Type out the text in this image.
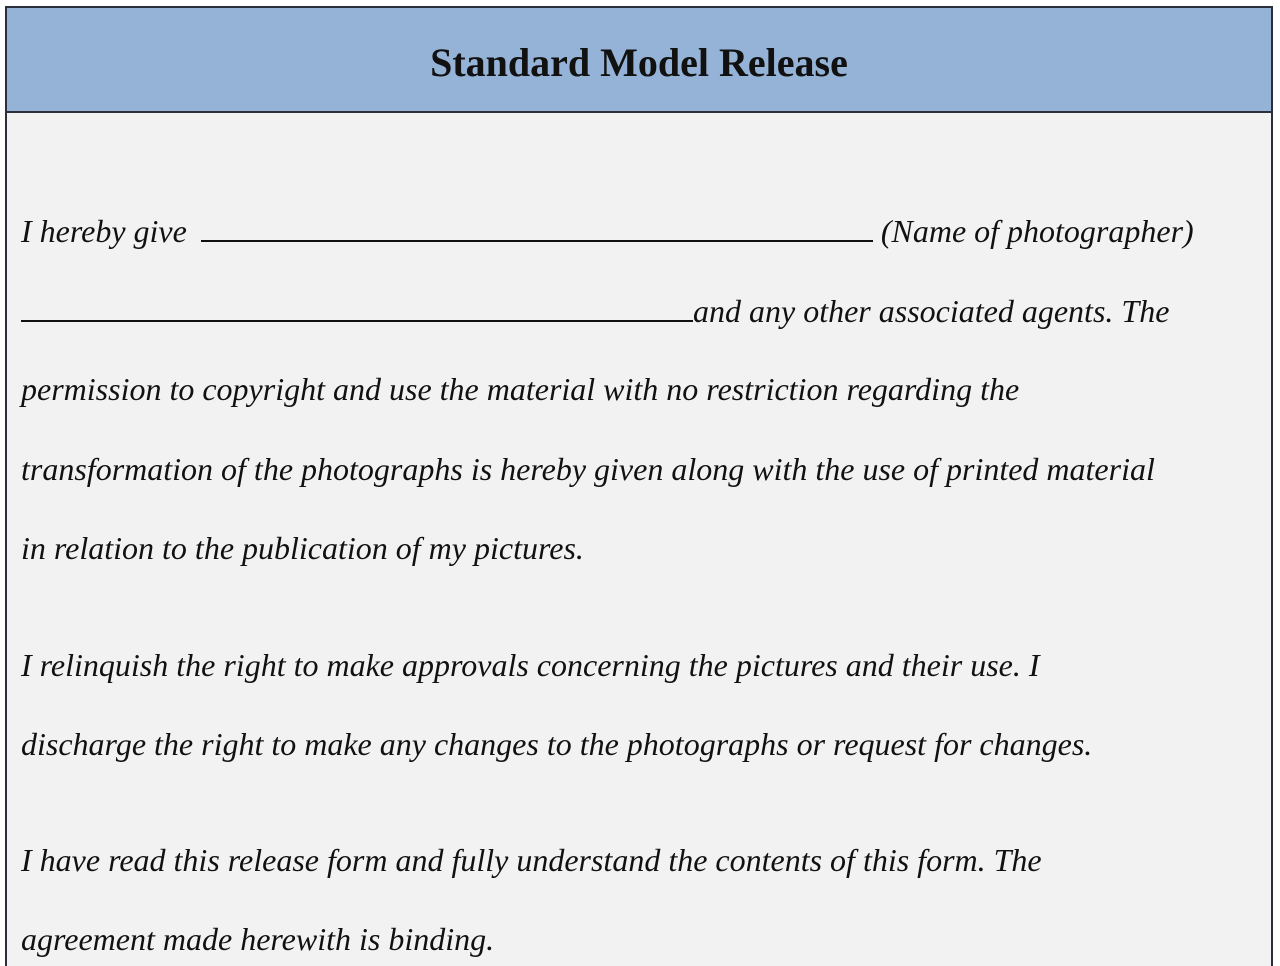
Standard Model Release
I hereby give	(Name of photographer)
and any other associated agents. The
permission to copyright and use the material with no restriction regarding the
transformation of the photographs is hereby given along with the use of printed material
in relation to the publication of my pictures.
I relinquish the right to make approvals concerning the pictures and their use. I
discharge the right to make any changes to the photographs or request for changes.
I have read this release form and fully understand the contents of this form. The
agreement made herewith is binding.
